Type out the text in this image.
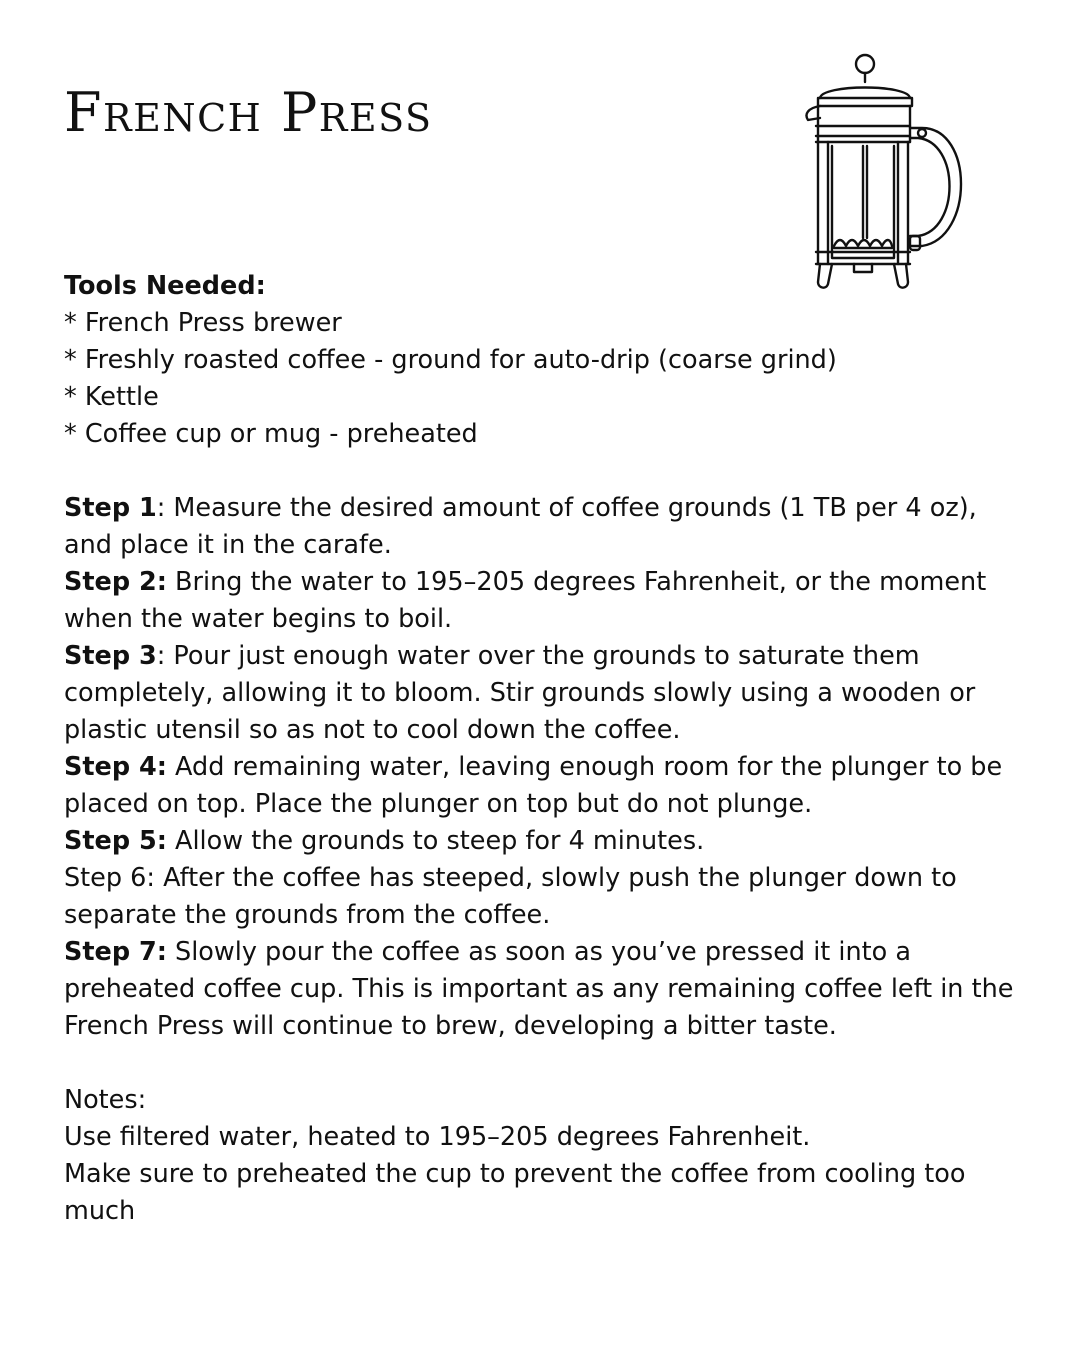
French Press
Tools Needed:
* French Press brewer
* Freshly roasted coffee - ground for auto-drip (coarse grind)
* Kettle
* Coffee cup or mug - preheated

Step 1: Measure the desired amount of coffee grounds (1 TB per 4 oz), and place it in the carafe.

Step 2: Bring the water to 195–205 degrees Fahrenheit, or the moment when the water begins to boil.

Step 3: Pour just enough water over the grounds to saturate them completely, allowing it to bloom. Stir grounds slowly using a wooden or plastic utensil so as not to cool down the coffee.

Step 4: Add remaining water, leaving enough room for the plunger to be placed on top. Place the plunger on top but do not plunge.

Step 5: Allow the grounds to steep for 4 minutes.

Step 6: After the coffee has steeped, slowly push the plunger down to separate the grounds from the coffee.

Step 7: Slowly pour the coffee as soon as you’ve pressed it into a preheated coffee cup. This is important as any remaining coffee left in the French Press will continue to brew, developing a bitter taste.

Notes:
Use filtered water, heated to 195–205 degrees Fahrenheit.
Make sure to preheated the cup to prevent the coffee from cooling too much
